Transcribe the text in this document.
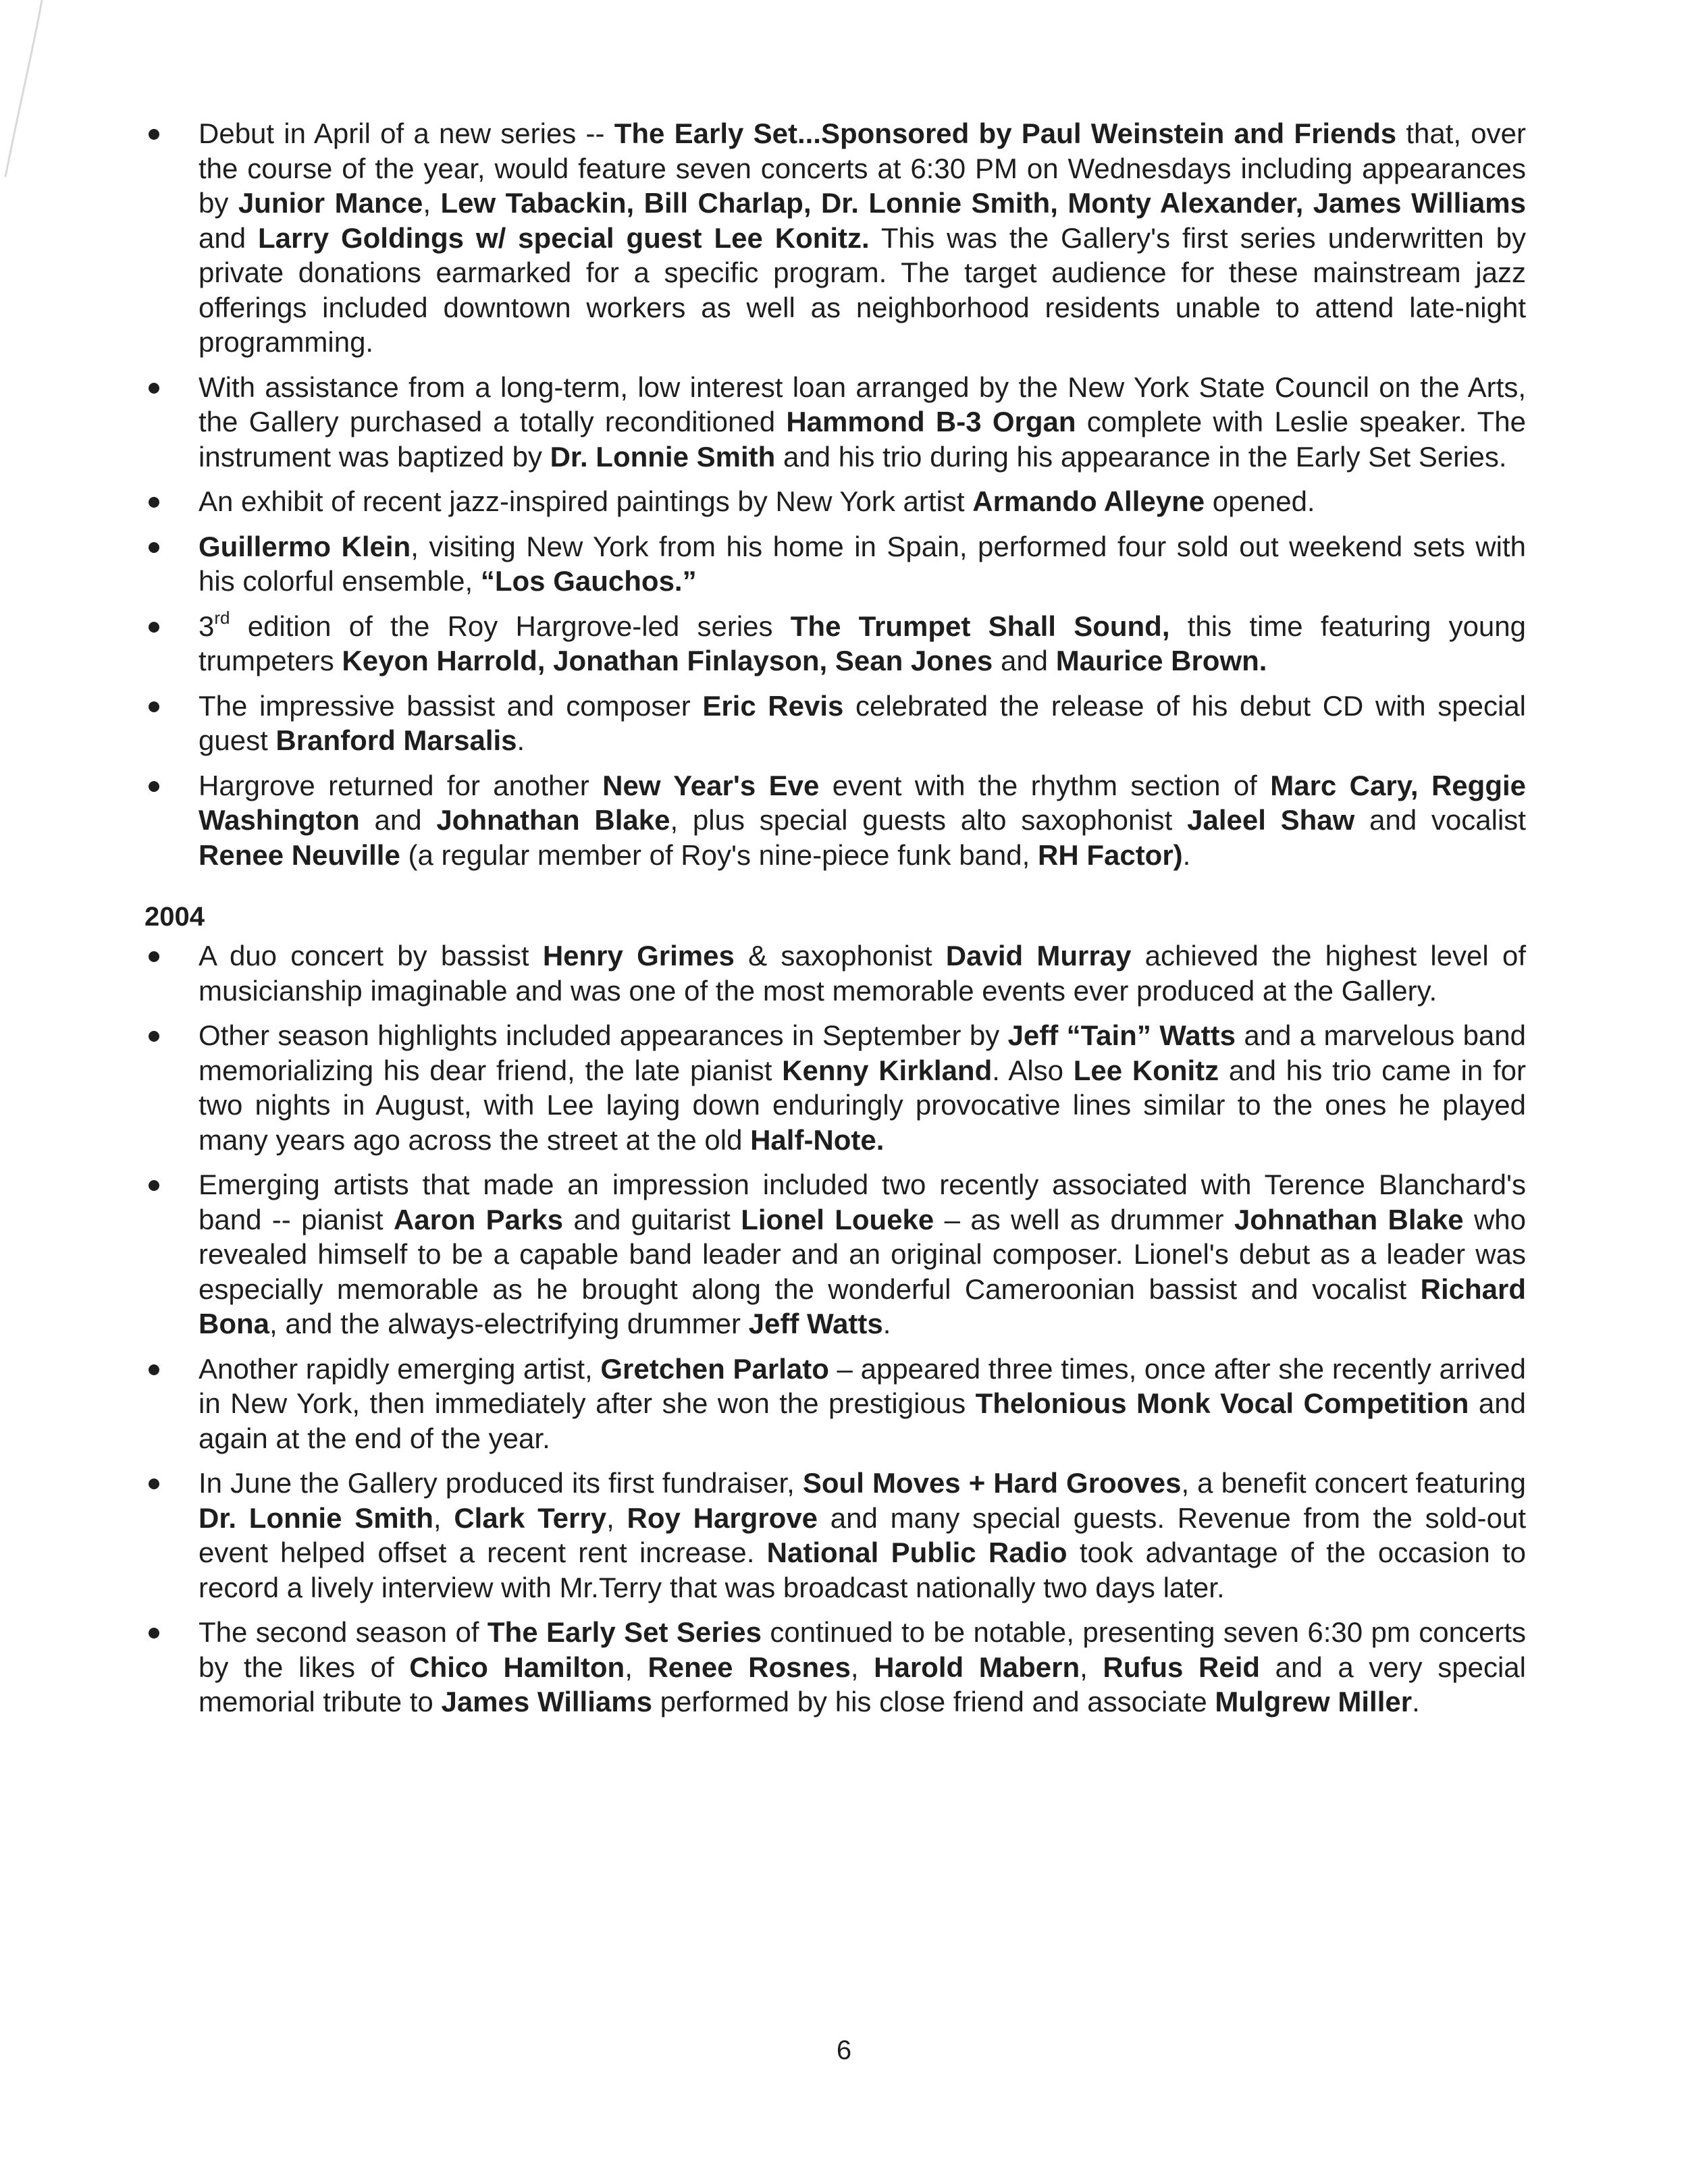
Debut in April of a new series -- The Early Set...Sponsored by Paul Weinstein and Friends that, over the course of the year, would feature seven concerts at 6:30 PM on Wednesdays including appearances by Junior Mance, Lew Tabackin, Bill Charlap, Dr. Lonnie Smith, Monty Alexander, James Williams and Larry Goldings w/ special guest Lee Konitz. This was the Gallery's first series underwritten by private donations earmarked for a specific program. The target audience for these mainstream jazz offerings included downtown workers as well as neighborhood residents unable to attend late-night programming.
With assistance from a long-term, low interest loan arranged by the New York State Council on the Arts, the Gallery purchased a totally reconditioned Hammond B-3 Organ complete with Leslie speaker. The instrument was baptized by Dr. Lonnie Smith and his trio during his appearance in the Early Set Series.
An exhibit of recent jazz-inspired paintings by New York artist Armando Alleyne opened.
Guillermo Klein, visiting New York from his home in Spain, performed four sold out weekend sets with his colorful ensemble, “Los Gauchos.”
3rd edition of the Roy Hargrove-led series The Trumpet Shall Sound, this time featuring young trumpeters Keyon Harrold, Jonathan Finlayson, Sean Jones and Maurice Brown.
The impressive bassist and composer Eric Revis celebrated the release of his debut CD with special guest Branford Marsalis.
Hargrove returned for another New Year's Eve event with the rhythm section of Marc Cary, Reggie Washington and Johnathan Blake, plus special guests alto saxophonist Jaleel Shaw and vocalist Renee Neuville (a regular member of Roy's nine-piece funk band, RH Factor).
2004
A duo concert by bassist Henry Grimes & saxophonist David Murray achieved the highest level of musicianship imaginable and was one of the most memorable events ever produced at the Gallery.
Other season highlights included appearances in September by Jeff “Tain” Watts and a marvelous band memorializing his dear friend, the late pianist Kenny Kirkland. Also Lee Konitz and his trio came in for two nights in August, with Lee laying down enduringly provocative lines similar to the ones he played many years ago across the street at the old Half-Note.
Emerging artists that made an impression included two recently associated with Terence Blanchard's band -- pianist Aaron Parks and guitarist Lionel Loueke – as well as drummer Johnathan Blake who revealed himself to be a capable band leader and an original composer. Lionel's debut as a leader was especially memorable as he brought along the wonderful Cameroonian bassist and vocalist Richard Bona, and the always-electrifying drummer Jeff Watts.
Another rapidly emerging artist, Gretchen Parlato – appeared three times, once after she recently arrived in New York, then immediately after she won the prestigious Thelonious Monk Vocal Competition and again at the end of the year.
In June the Gallery produced its first fundraiser, Soul Moves + Hard Grooves, a benefit concert featuring Dr. Lonnie Smith, Clark Terry, Roy Hargrove and many special guests. Revenue from the sold-out event helped offset a recent rent increase. National Public Radio took advantage of the occasion to record a lively interview with Mr.Terry that was broadcast nationally two days later.
The second season of The Early Set Series continued to be notable, presenting seven 6:30 pm concerts by the likes of Chico Hamilton, Renee Rosnes, Harold Mabern, Rufus Reid and a very special memorial tribute to James Williams performed by his close friend and associate Mulgrew Miller.
6
